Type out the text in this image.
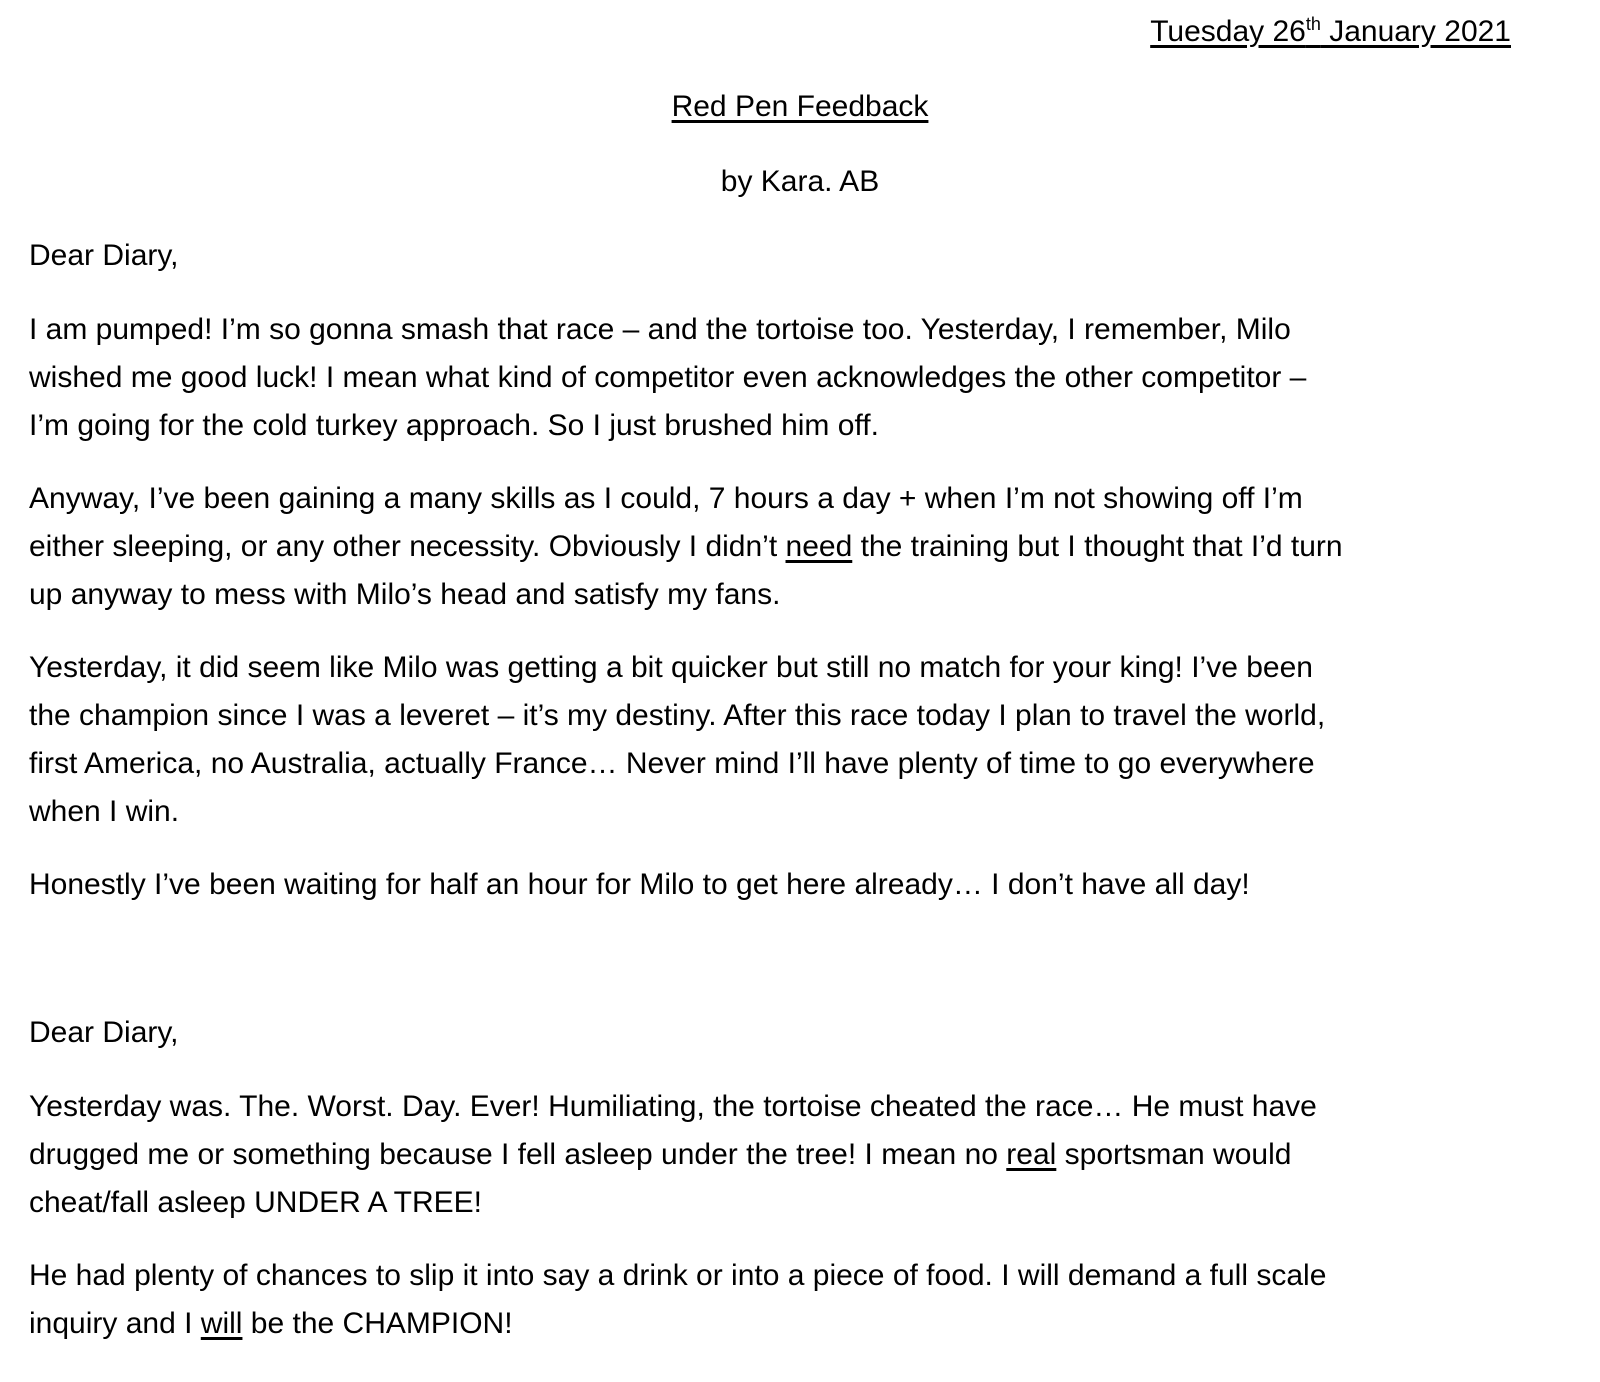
Tuesday 26th January 2021
Red Pen Feedback
by Kara. AB
Dear Diary,
I am pumped! I’m so gonna smash that race – and the tortoise too. Yesterday, I remember, Milo
wished me good luck! I mean what kind of competitor even acknowledges the other competitor –
I’m going for the cold turkey approach. So I just brushed him off.
Anyway, I’ve been gaining a many skills as I could, 7 hours a day + when I’m not showing off I’m
either sleeping, or any other necessity. Obviously I didn’t need the training but I thought that I’d turn
up anyway to mess with Milo’s head and satisfy my fans.
Yesterday, it did seem like Milo was getting a bit quicker but still no match for your king! I’ve been
the champion since I was a leveret – it’s my destiny. After this race today I plan to travel the world,
first America, no Australia, actually France… Never mind I’ll have plenty of time to go everywhere
when I win.
Honestly I’ve been waiting for half an hour for Milo to get here already… I don’t have all day!
Dear Diary,
Yesterday was. The. Worst. Day. Ever! Humiliating, the tortoise cheated the race… He must have
drugged me or something because I fell asleep under the tree! I mean no real sportsman would
cheat/fall asleep UNDER A TREE!
He had plenty of chances to slip it into say a drink or into a piece of food. I will demand a full scale
inquiry and I will be the CHAMPION!
